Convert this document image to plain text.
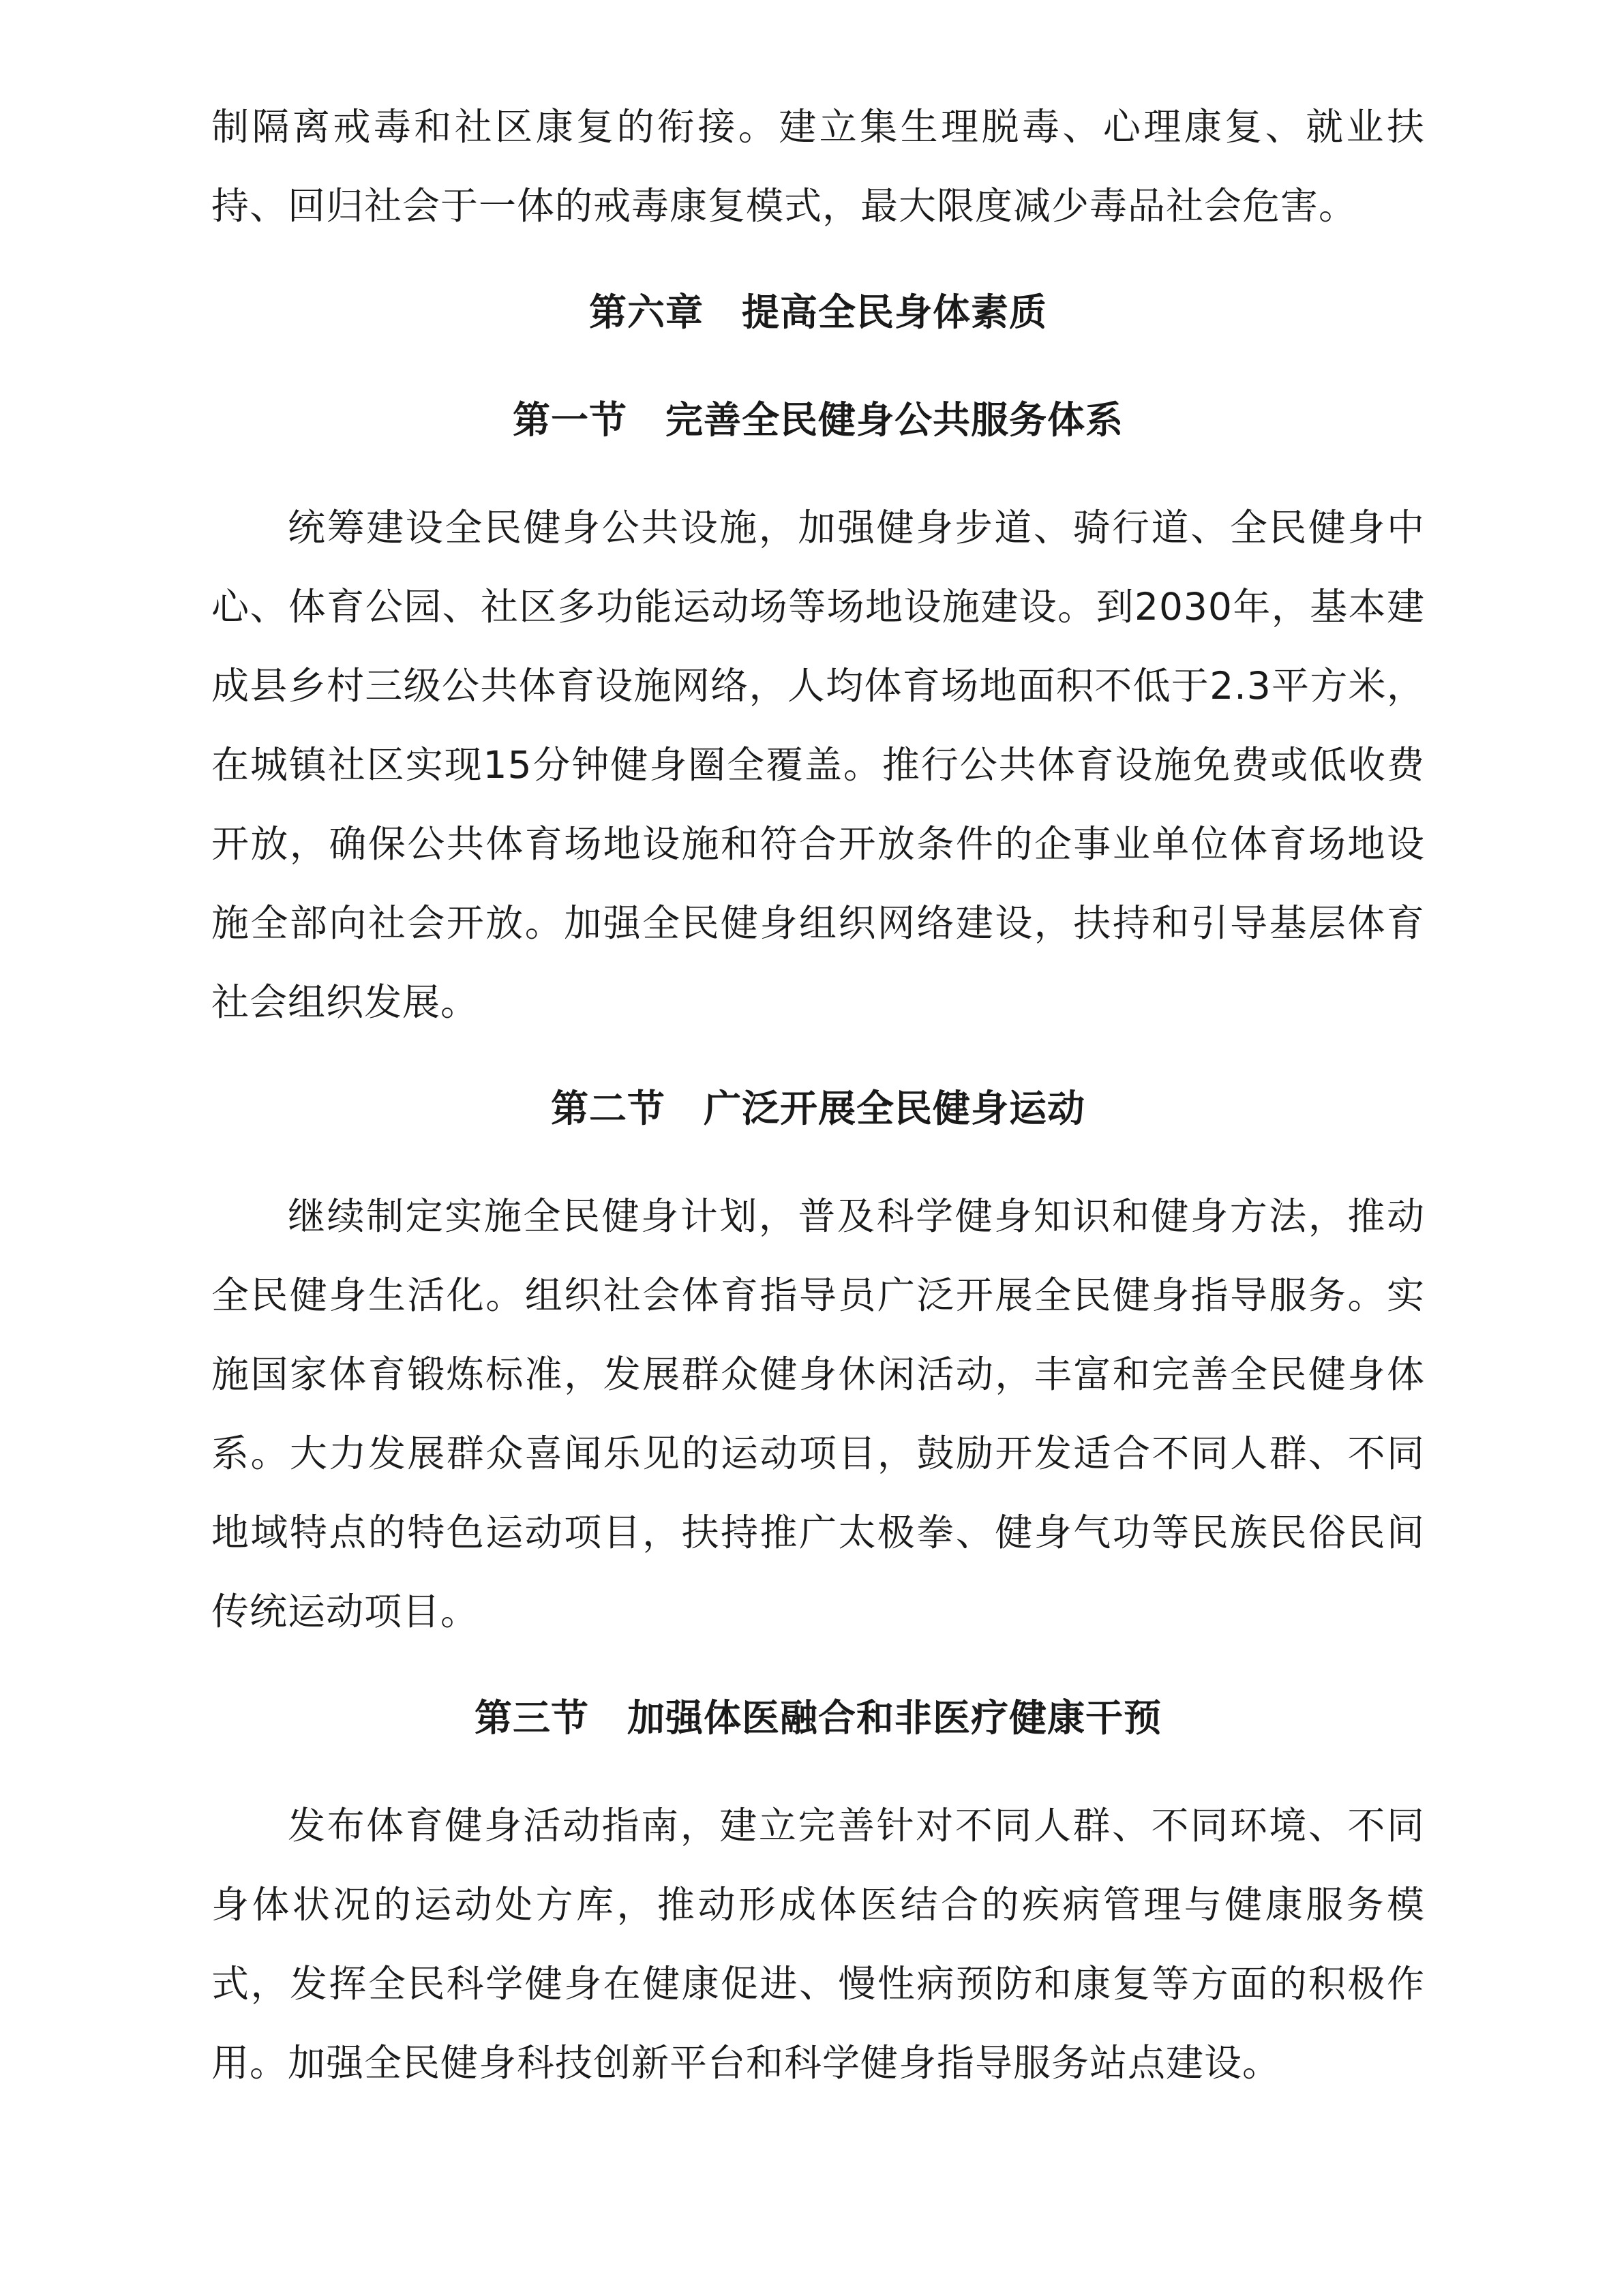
制隔离戒毒和社区康复的衔接。建立集生理脱毒、心理康复、就业扶持、回归社会于一体的戒毒康复模式，最大限度减少毒品社会危害。

第六章　提高全民身体素质
第一节　完善全民健身公共服务体系

统筹建设全民健身公共设施，加强健身步道、骑行道、全民健身中心、体育公园、社区多功能运动场等场地设施建设。到2030年，基本建成县乡村三级公共体育设施网络，人均体育场地面积不低于2.3平方米，在城镇社区实现15分钟健身圈全覆盖。推行公共体育设施免费或低收费开放，确保公共体育场地设施和符合开放条件的企事业单位体育场地设施全部向社会开放。加强全民健身组织网络建设，扶持和引导基层体育社会组织发展。

第二节　广泛开展全民健身运动

继续制定实施全民健身计划，普及科学健身知识和健身方法，推动全民健身生活化。组织社会体育指导员广泛开展全民健身指导服务。实施国家体育锻炼标准，发展群众健身休闲活动，丰富和完善全民健身体系。大力发展群众喜闻乐见的运动项目，鼓励开发适合不同人群、不同地域特点的特色运动项目，扶持推广太极拳、健身气功等民族民俗民间传统运动项目。

第三节　加强体医融合和非医疗健康干预

发布体育健身活动指南，建立完善针对不同人群、不同环境、不同身体状况的运动处方库，推动形成体医结合的疾病管理与健康服务模式，发挥全民科学健身在健康促进、慢性病预防和康复等方面的积极作用。加强全民健身科技创新平台和科学健身指导服务站点建设。
